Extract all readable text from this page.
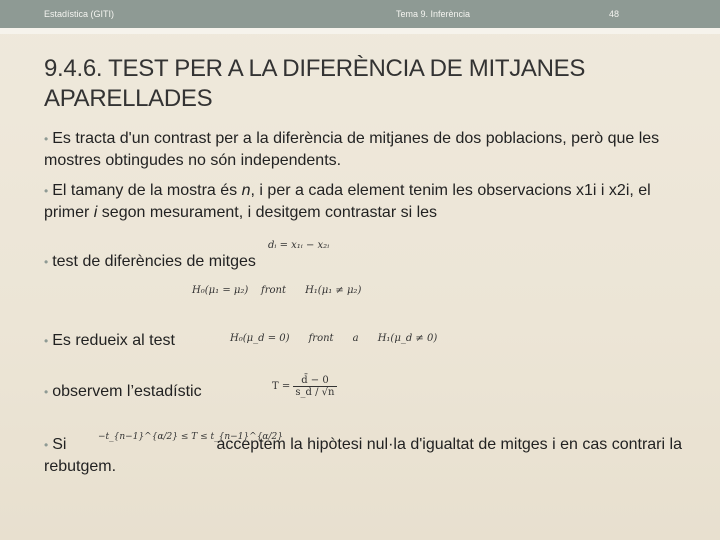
Estadística (GITI)	Tema 9. Inferència	48
9.4.6. TEST PER A LA DIFERÈNCIA DE MITJANES APARELLADES
• Es tracta d'un contrast per a la diferència de mitjanes de dos poblacions, però que les mostres obtingudes no són independents.
• El tamany de la mostra és n, i per a cada element tenim les observacions x1i i x2i, el primer i segon mesurament, i desitgem contrastar si les
dᵢ = x₁ᵢ − x₂ᵢ
• test de diferències de mitges
H₀(μ₁ = μ₂) front H₁(μ₁ ≠ μ₂)
• Es redueix al test	H₀(μ_d = 0) front a H₁(μ_d ≠ 0)
• observem l’estadístic	$T = \frac{d̄ - 0}{s\_d / √n}$
• Si	acceptem la hipòtesi nul·la d'igualtat de mitges i en cas contrari la rebutgem.
−t_{n−1}^{α/2} ≤ T ≤ t_{n−1}^{α/2}
